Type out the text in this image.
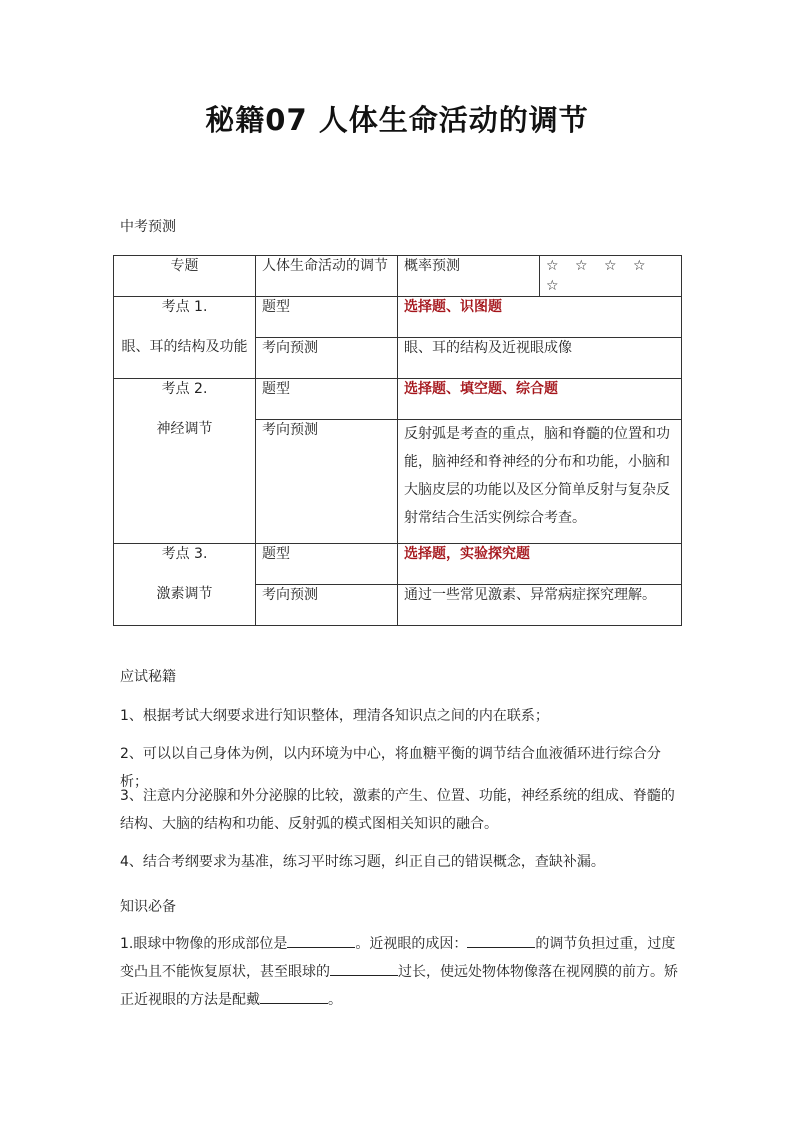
秘籍07 人体生命活动的调节
中考预测
专题	人体生命活动的调节	概率预测	☆ ☆ ☆ ☆ ☆

考点 1.
眼、耳的结构及功能	题型	选择题、识图题	
	考向预测	眼、耳的结构及近视眼成像	

考点 2.
神经调节	题型	选择题、填空题、综合题	
	考向预测	反射弧是考查的重点，脑和脊髓的位置和功能，脑神经和脊神经的分布和功能，小脑和大脑皮层的功能以及区分简单反射与复杂反射常结合生活实例综合考查。	

考点 3.
激素调节	题型	选择题，实验探究题	
	考向预测	通过一些常见激素、异常病症探究理解。	
应试秘籍
1、根据考试大纲要求进行知识整体，理清各知识点之间的内在联系；
2、可以以自己身体为例，以内环境为中心，将血糖平衡的调节结合血液循环进行综合分析；
3、注意内分泌腺和外分泌腺的比较，激素的产生、位置、功能，神经系统的组成、脊髓的结构、大脑的结构和功能、反射弧的模式图相关知识的融合。
4、结合考纲要求为基准，练习平时练习题，纠正自己的错误概念，查缺补漏。
知识必备
1.眼球中物像的形成部位是	。近视眼的成因：	的调节负担过重，过度变凸且不能恢复原状，甚至眼球的	过长，使远处物体物像落在视网膜的前方。矫正近视眼的方法是配戴	。
